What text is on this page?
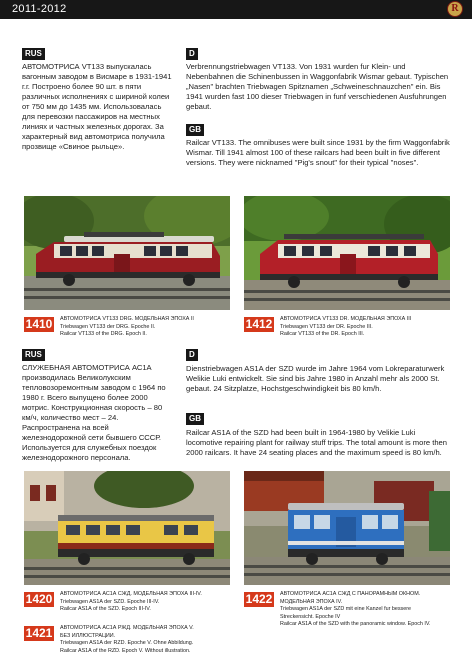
2011-2012	R
RUS
АВТОМОТРИСА VT133 выпускалась вагонным заводом в Висмаре в 1931-1941 г.г. Построено более 90 шт. в пяти различных исполнениях с шириной колеи от 750 мм до 1435 мм. Использовалась для перевозки пассажиров на местных линиях и частных железных дорогах. За характерный вид автомотриса получила прозвище «Свиное рыльце».
D
Verbrennungstriebwagen VT133. Von 1931 wurden fur Klein- und Nebenbahnen die Schinenbussen in Waggonfabrik Wismar gebaut. Typischen „Nasen" brachten Triebwagen Spitznamen „Schweineschnauzchen" ein. Bis 1941 wurden fast 100 dieser Triebwagen in funf verschiedenen Ausfuhrungen gebaut.
GB
Railcar VT133. The omnibuses were built since 1931 by the firm Waggonfabrik Wismar. Till 1941 almost 100 of these railcars had been built in five different versions. They were nicknamed "Pig's snout" for their typical "noses".
1410	АВТОМОТРИСА VT133 DRG. МОДЕЛЬНАЯ ЭПОХА II
Triebwagen VT133 der DRG. Epoche II.
Railcar VT133 of the DRG. Epoch II.
1412	АВТОМОТРИСА VT133 DR. МОДЕЛЬНАЯ ЭПОХА III
Triebwagen VT133 der DR. Epoche III.
Railcar VT133 of the DR. Epoch III.
RUS
СЛУЖЕБНАЯ АВТОМОТРИСА АС1А производилась Великолукским тепловозоремонтным заводом с 1964 по 1980 г. Всего выпущено более 2000 мотрис. Конструкционная скорость – 80 км/ч, количество мест – 24. Распространена на всей железнодорожной сети бывшего СССР. Используется для служебных поездок железнодорожного персонала.
D
Dienstriebwagen AS1A der SZD wurde im Jahre 1964 vom Lokreparaturwerk Welikie Luki entwickelt. Sie sind bis Jahre 1980 in Anzahl mehr als 2000 St. gebaut. 24 Sitzplatze, Hochstgeschwindigkeit bis 80 km/h.
GB
Railcar AS1A of the SZD had been built in 1964-1980 by Velikie Luki locomotive repairing plant for railway stuff trips. The total amount is more then 2000 railcars. It have 24 seating places and the maximum speed is 80 km/h.
1420	АВТОМОТРИСА АС1А СЖД. МОДЕЛЬНАЯ ЭПОХА III-IV.
Triebwagen AS1A der SZD. Epoche III-IV.
Railcar AS1A of the SZD. Epoch III-IV.
1421	АВТОМОТРИСА АС1А РЖД. МОДЕЛЬНАЯ ЭПОХА V.
БЕЗ ИЛЛЮСТРАЦИИ.
Triebwagen AS1A der RZD. Epoche V. Ohne Abbildung.
Railcar AS1A of the RZD. Epoch V. Without illustration.
1422	АВТОМОТРИСА АС1А СЖД С ПАНОРАМНЫМ ОКНОМ.
МОДЕЛЬНАЯ ЭПОХА IV.
Triebwagen AS1A der SZD mit eine Kanzel fur bessere
Streckensicht. Epoche IV
Railcar AS1A of the SZD with the panoramic window. Epoch IV.
